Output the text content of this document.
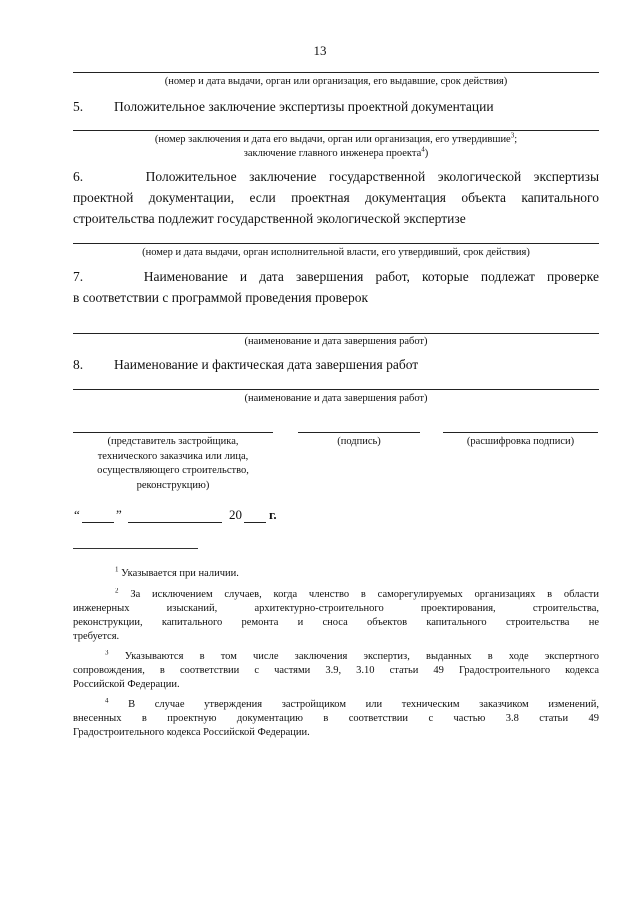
13
(номер и дата выдачи, орган или организация, его выдавшие, срок действия)
5. Положительное заключение экспертизы проектной документации
(номер заключения и дата его выдачи, орган или организация, его утвердившие$^3$;
заключение главного инженера проекта$^4$)
6.	Положительное заключение государственной экологической экспертизы
проектной документации, если проектная документация объекта капитального
строительства подлежит государственной экологической экспертизе
(номер и дата выдачи, орган исполнительной власти, его утвердивший, срок действия)
7.	Наименование и дата завершения работ, которые подлежат проверке
в соответствии с программой проведения проверок
(наименование и дата завершения работ)
8. Наименование и фактическая дата завершения работ
(наименование и дата завершения работ)
(представитель застройщика,
технического заказчика или лица,
осуществляющего строительство,
реконструкцию)
(подпись)	(расшифровка подписи)
“	”	20 г.
$^1$ Указывается при наличии.
$^2$ За исключением случаев, когда членство в саморегулируемых организациях в области
инженерных изысканий, архитектурно-строительного проектирования, строительства,
реконструкции, капитального ремонта и сноса объектов капитального строительства не
требуется.
$^3$ Указываются в том числе заключения экспертиз, выданных в ходе экспертного
сопровождения, в соответствии с частями 3.9, 3.10 статьи 49 Градостроительного кодекса
Российской Федерации.
$^4$ В случае утверждения застройщиком или техническим заказчиком изменений,
внесенных в проектную документацию в соответствии с частью 3.8 статьи 49
Градостроительного кодекса Российской Федерации.
